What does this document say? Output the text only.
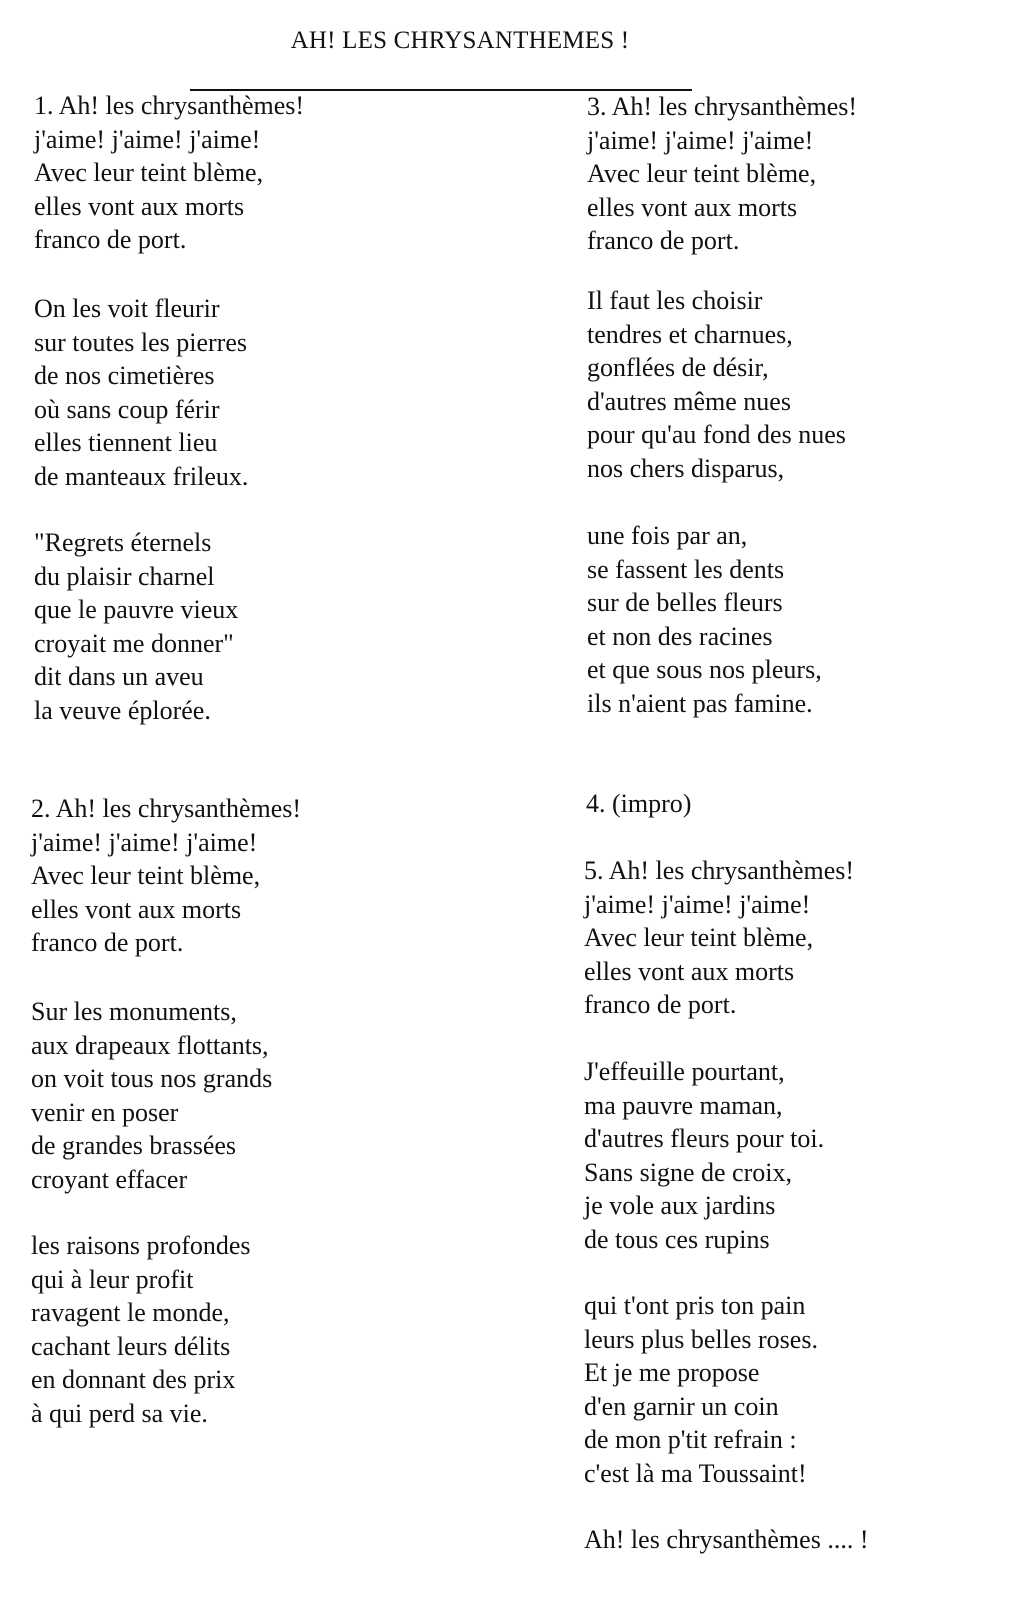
AH! LES CHRYSANTHEMES !
1. Ah! les chrysanthèmes!
j'aime! j'aime! j'aime!
Avec leur teint blème,
elles vont aux morts
franco de port.
On les voit fleurir
sur toutes les pierres
de nos cimetières
où sans coup férir
elles tiennent lieu
de manteaux frileux.
"Regrets éternels
du plaisir charnel
que le pauvre vieux
croyait me donner"
dit dans un aveu
la veuve éplorée.
2. Ah! les chrysanthèmes!
j'aime! j'aime! j'aime!
Avec leur teint blème,
elles vont aux morts
franco de port.
Sur les monuments,
aux drapeaux flottants,
on voit tous nos grands
venir en poser
de grandes brassées
croyant effacer
les raisons profondes
qui à leur profit
ravagent le monde,
cachant leurs délits
en donnant des prix
à qui perd sa vie.
3. Ah! les chrysanthèmes!
j'aime! j'aime! j'aime!
Avec leur teint blème,
elles vont aux morts
franco de port.
Il faut les choisir
tendres et charnues,
gonflées de désir,
d'autres même nues
pour qu'au fond des nues
nos chers disparus,
une fois par an,
se fassent les dents
sur de belles fleurs
et non des racines
et que sous nos pleurs,
ils n'aient pas famine.
4. (impro)
5. Ah! les chrysanthèmes!
j'aime! j'aime! j'aime!
Avec leur teint blème,
elles vont aux morts
franco de port.
J'effeuille pourtant,
ma pauvre maman,
d'autres fleurs pour toi.
Sans signe de croix,
je vole aux jardins
de tous ces rupins
qui t'ont pris ton pain
leurs plus belles roses.
Et je me propose
d'en garnir un coin
de mon p'tit refrain :
c'est là ma Toussaint!
Ah! les chrysanthèmes .... !
